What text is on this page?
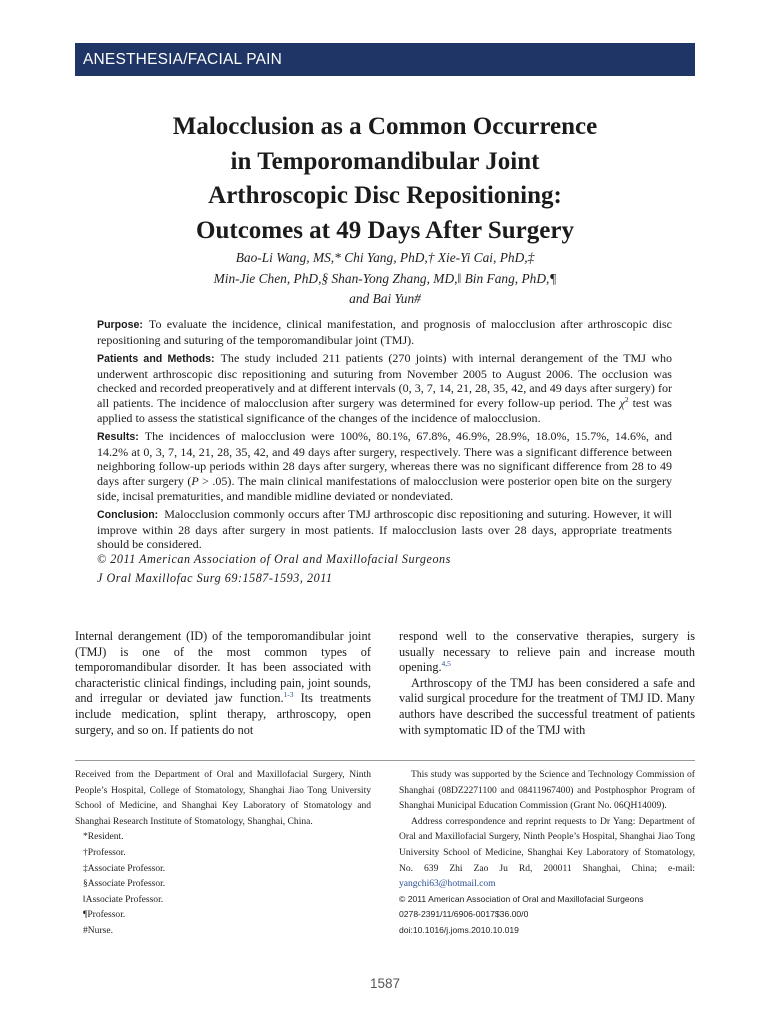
ANESTHESIA/FACIAL PAIN
Malocclusion as a Common Occurrence
in Temporomandibular Joint
Arthroscopic Disc Repositioning:
Outcomes at 49 Days After Surgery
Bao-Li Wang, MS,* Chi Yang, PhD,† Xie-Yi Cai, PhD,‡
Min-Jie Chen, PhD,§ Shan-Yong Zhang, MD,‖ Bin Fang, PhD,¶
and Bai Yun#

Purpose: To evaluate the incidence, clinical manifestation, and prognosis of malocclusion after arthroscopic disc repositioning and suturing of the temporomandibular joint (TMJ).

Patients and Methods: The study included 211 patients (270 joints) with internal derangement of the TMJ who underwent arthroscopic disc repositioning and suturing from November 2005 to August 2006. The occlusion was checked and recorded preoperatively and at different intervals (0, 3, 7, 14, 21, 28, 35, 42, and 49 days after surgery) for all patients. The incidence of malocclusion after surgery was determined for every follow-up period. The $\chi^2$ test was applied to assess the statistical significance of the changes of the incidence of malocclusion.

Results: The incidences of malocclusion were 100%, 80.1%, 67.8%, 46.9%, 28.9%, 18.0%, 15.7%, 14.6%, and 14.2% at 0, 3, 7, 14, 21, 28, 35, 42, and 49 days after surgery, respectively. There was a significant difference between neighboring follow-up periods within 28 days after surgery, whereas there was no significant difference from 28 to 49 days after surgery (P > .05). The main clinical manifestations of malocclusion were posterior open bite on the surgery side, incisal prematurities, and mandible midline deviated or nondeviated.

Conclusion: Malocclusion commonly occurs after TMJ arthroscopic disc repositioning and suturing. However, it will improve within 28 days after surgery in most patients. If malocclusion lasts over 28 days, appropriate treatments should be considered.

© 2011 American Association of Oral and Maxillofacial Surgeons

J Oral Maxillofac Surg 69:1587-1593, 2011

Internal derangement (ID) of the temporomandibular joint (TMJ) is one of the most common types of temporomandibular disorder. It has been associated with characteristic clinical findings, including pain, joint sounds, and irregular or deviated jaw function.$^{1-3}$ Its treatments include medication, splint therapy, arthroscopy, open surgery, and so on. If patients do not

respond well to the conservative therapies, surgery is usually necessary to relieve pain and increase mouth opening.$^{4,5}$

Arthroscopy of the TMJ has been considered a safe and valid surgical procedure for the treatment of TMJ ID. Many authors have described the successful treatment of patients with symptomatic ID of the TMJ with

Received from the Department of Oral and Maxillofacial Surgery, Ninth People’s Hospital, College of Stomatology, Shanghai Jiao Tong University School of Medicine, and Shanghai Key Laboratory of Stomatology and Shanghai Research Institute of Stomatology, Shanghai, China.

*Resident.

†Professor.

‡Associate Professor.

§Associate Professor.

‖Associate Professor.

¶Professor.

#Nurse.

This study was supported by the Science and Technology Commission of Shanghai (08DZ2271100 and 08411967400) and Postphosphor Program of Shanghai Municipal Education Commission (Grant No. 06QH14009).

Address correspondence and reprint requests to Dr Yang: Department of Oral and Maxillofacial Surgery, Ninth People’s Hospital, Shanghai Jiao Tong University School of Medicine, Shanghai Key Laboratory of Stomatology, No. 639 Zhi Zao Ju Rd, 200011 Shanghai, China; e-mail: yangchi63@hotmail.com

© 2011 American Association of Oral and Maxillofacial Surgeons

0278-2391/11/6906-0017$36.00/0

doi:10.1016/j.joms.2010.10.019

1587
